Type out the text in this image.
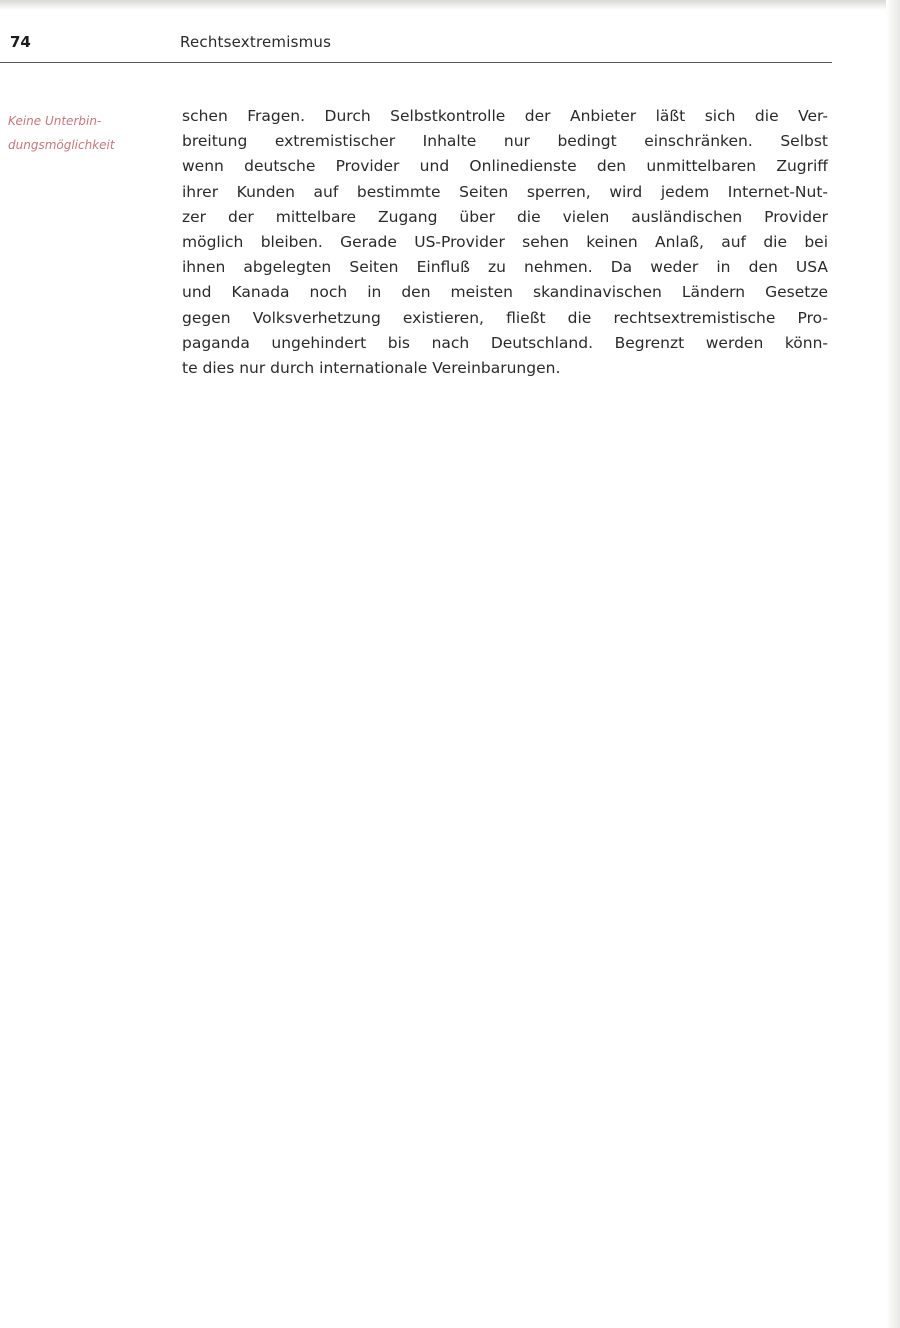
74	Rechtsextremismus
Keine Unterbin-
dungsmöglichkeit

schen Fragen. Durch Selbstkontrolle der Anbieter läßt sich die Ver-
breitung extremistischer Inhalte nur bedingt einschränken. Selbst
wenn deutsche Provider und Onlinedienste den unmittelbaren Zugriff
ihrer Kunden auf bestimmte Seiten sperren, wird jedem Internet-Nut-
zer der mittelbare Zugang über die vielen ausländischen Provider
möglich bleiben. Gerade US-Provider sehen keinen Anlaß, auf die bei
ihnen abgelegten Seiten Einfluß zu nehmen. Da weder in den USA
und Kanada noch in den meisten skandinavischen Ländern Gesetze
gegen Volksverhetzung existieren, fließt die rechtsextremistische Pro-
paganda ungehindert bis nach Deutschland. Begrenzt werden könn-
te dies nur durch internationale Vereinbarungen.
